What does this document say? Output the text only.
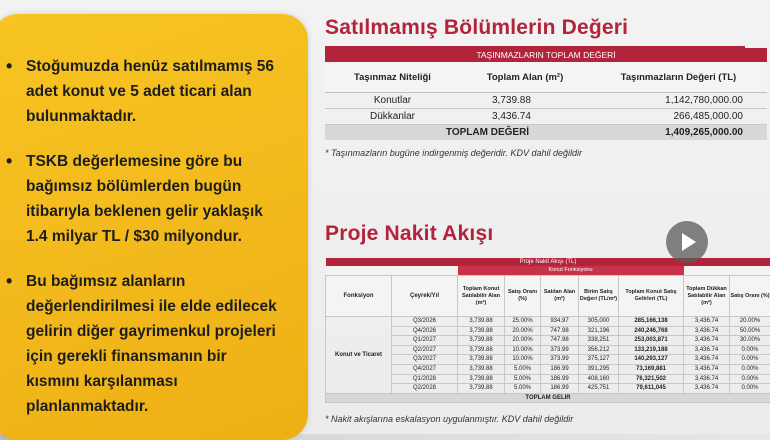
• Stoğumuzda henüz satılmamış 56 adet konut ve 5 adet ticari alan bulunmaktadır.
• TSKB değerlemesine göre bu bağımsız bölümlerden bugün itibarıyla beklenen gelir yaklaşık 1.4 milyar TL / $30 milyondur.
• Bu bağımsız alanların değerlendirilmesi ile elde edilecek gelirin diğer gayrimenkul projeleri için gerekli finansmanın bir kısmını karşılanması planlanmaktadır.
Satılmamış Bölümlerin Değeri
TAŞINMAZLARIN TOPLAM DEĞERİ		
Taşınmaz Niteliği	Toplam Alan (m²)	Taşınmazların Değeri (TL)
Konutlar	3,739.88	1,142,780,000.00
Dükkanlar	3,436.74	266,485,000.00
TOPLAM DEĞERİ		1,409,265,000.00
* Taşınmazların bugüne indirgenmiş değeridir. KDV dahil değildir
Proje Nakit Akışı
Proje Nakit Akışı (TL)								
		Konut Fonksiyonu						
Fonksiyon	Çeyrek/Yıl	Toplam Konut Satılabilir Alan (m²)	Satış Oranı (%)	Satılan Alan (m²)	Birim Satış Değeri (TL/m²)	Toplam Konut Satış Gelirleri (TL)	Toplam Dükkan Satılabilir Alan (m²)	Satış Oranı (%)
Konut ve Ticaret	Q3/2026	3,739.88	25.00%	934.97	305,000	285,166,138	3,436.74	20.00%
	Q4/2026	3,739.88	20.00%	747.98	321,196	240,246,768	3,436.74	50.00%
	Q1/2027	3,739.88	20.00%	747.98	338,251	253,003,871	3,436.74	30.00%
	Q2/2027	3,739.88	10.00%	373.99	356,212	133,219,188	3,436.74	0.00%
	Q3/2027	3,739.88	10.00%	373.99	375,127	140,293,127	3,436.74	0.00%
	Q4/2027	3,739.88	5.00%	186.99	391,295	73,169,881	3,436.74	0.00%
	Q1/2028	3,739.88	5.00%	186.99	408,160	76,321,502	3,436.74	0.00%
	Q2/2028	3,739.88	5.00%	186.99	425,751	79,611,045	3,436.74	0.00%
TOPLAM GELİR								
* Nakit akışlarına eskalasyon uygulanmıştır. KDV dahil değildir
